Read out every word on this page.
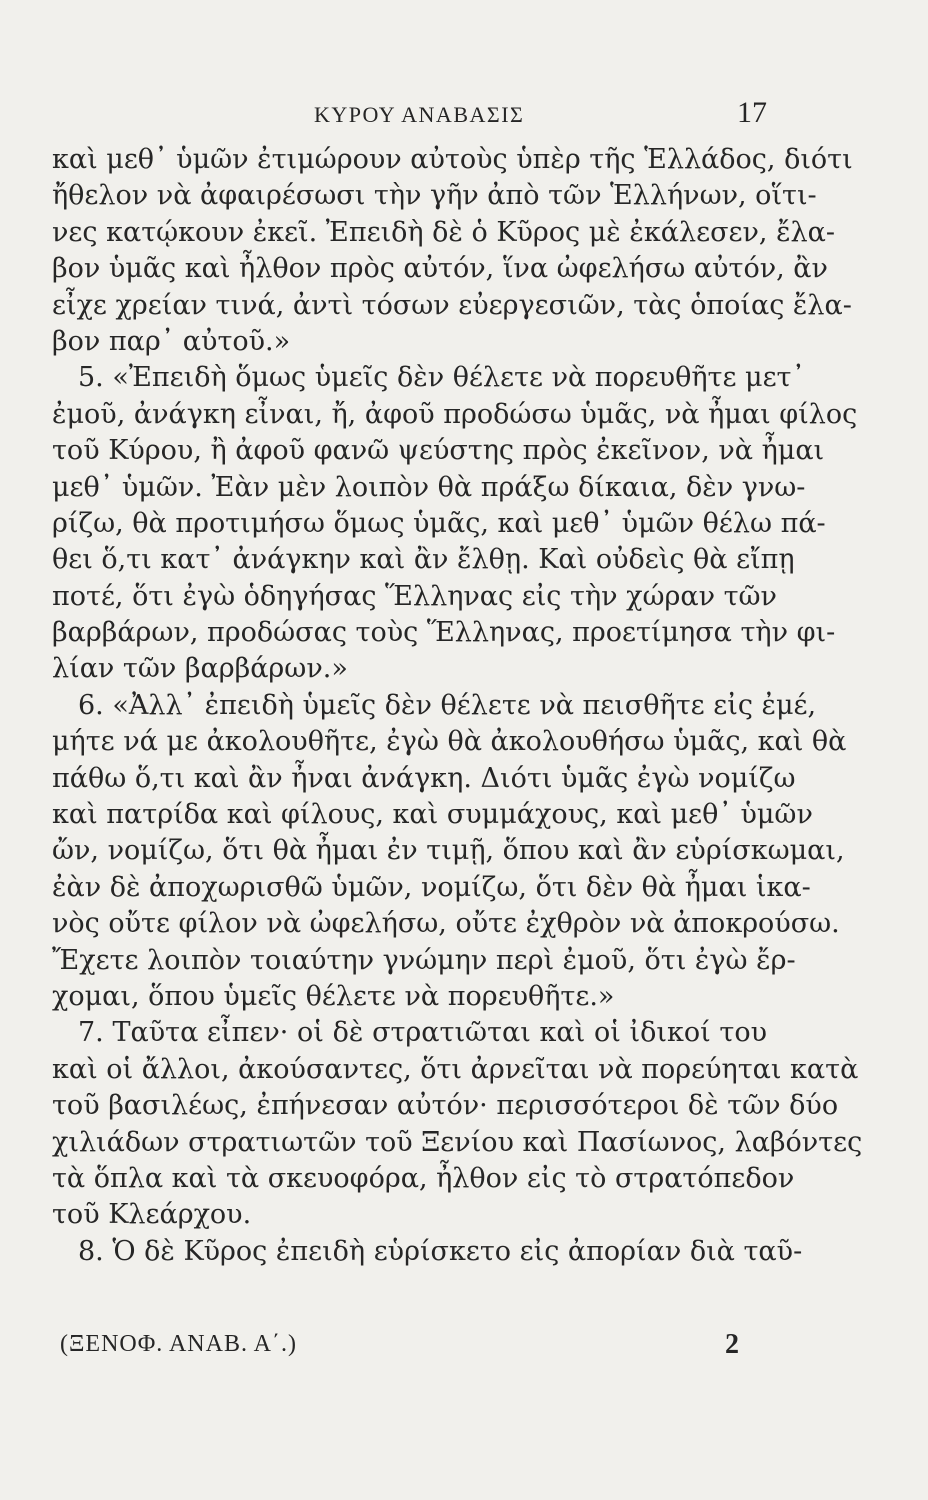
ΚΥΡΟΥ ΑΝΑΒΑΣΙΣ	17
καὶ μεθ᾿ ὑμῶν ἐτιμώρουν αὐτοὺς ὑπὲρ τῆς Ἑλλάδος, διότι
ἤθελον νὰ ἀφαιρέσωσι τὴν γῆν ἀπὸ τῶν Ἑλλήνων, οἵτι-
νες κατῴκουν ἐκεῖ. Ἐπειδὴ δὲ ὁ Κῦρος μὲ ἐκάλεσεν, ἔλα-
βον ὑμᾶς καὶ ἦλθον πρὸς αὐτόν, ἵνα ὠφελήσω αὐτόν, ἂν
εἶχε χρείαν τινά, ἀντὶ τόσων εὐεργεσιῶν, τὰς ὁποίας ἔλα-
βον παρ᾿ αὐτοῦ.»
5. «Ἐπειδὴ ὅμως ὑμεῖς δὲν θέλετε νὰ πορευθῆτε μετ᾿
ἐμοῦ, ἀνάγκη εἶναι, ἤ, ἀφοῦ προδώσω ὑμᾶς, νὰ ἦμαι φίλος
τοῦ Κύρου, ἢ ἀφοῦ φανῶ ψεύστης πρὸς ἐκεῖνον, νὰ ἦμαι
μεθ᾿ ὑμῶν. Ἐὰν μὲν λοιπὸν θὰ πράξω δίκαια, δὲν γνω-
ρίζω, θὰ προτιμήσω ὅμως ὑμᾶς, καὶ μεθ᾿ ὑμῶν θέλω πά-
θει ὅ,τι κατ᾿ ἀνάγκην καὶ ἂν ἔλθῃ. Καὶ οὐδεὶς θὰ εἴπῃ
ποτέ, ὅτι ἐγὼ ὁδηγήσας Ἕλληνας εἰς τὴν χώραν τῶν
βαρβάρων, προδώσας τοὺς Ἕλληνας, προετίμησα τὴν φι-
λίαν τῶν βαρβάρων.»
6. «Ἀλλ᾿ ἐπειδὴ ὑμεῖς δὲν θέλετε νὰ πεισθῆτε εἰς ἐμέ,
μήτε νά με ἀκολουθῆτε, ἐγὼ θὰ ἀκολουθήσω ὑμᾶς, καὶ θὰ
πάθω ὅ,τι καὶ ἂν ἦναι ἀνάγκη. Διότι ὑμᾶς ἐγὼ νομίζω
καὶ πατρίδα καὶ φίλους, καὶ συμμάχους, καὶ μεθ᾿ ὑμῶν
ὤν, νομίζω, ὅτι θὰ ἦμαι ἐν τιμῇ, ὅπου καὶ ἂν εὑρίσκωμαι,
ἐὰν δὲ ἀποχωρισθῶ ὑμῶν, νομίζω, ὅτι δὲν θὰ ἦμαι ἱκα-
νὸς οὔτε φίλον νὰ ὠφελήσω, οὔτε ἐχθρὸν νὰ ἀποκρούσω.
Ἔχετε λοιπὸν τοιαύτην γνώμην περὶ ἐμοῦ, ὅτι ἐγὼ ἔρ-
χομαι, ὅπου ὑμεῖς θέλετε νὰ πορευθῆτε.»
7. Ταῦτα εἶπεν· οἱ δὲ στρατιῶται καὶ οἱ ἰδικοί του
καὶ οἱ ἄλλοι, ἀκούσαντες, ὅτι ἀρνεῖται νὰ πορεύηται κατὰ
τοῦ βασιλέως, ἐπήνεσαν αὐτόν· περισσότεροι δὲ τῶν δύο
χιλιάδων στρατιωτῶν τοῦ Ξενίου καὶ Πασίωνος, λαβόντες
τὰ ὅπλα καὶ τὰ σκευοφόρα, ἦλθον εἰς τὸ στρατόπεδον
τοῦ Κλεάρχου.
8. Ὁ δὲ Κῦρος ἐπειδὴ εὑρίσκετο εἰς ἀπορίαν διὰ ταῦ-
(ΞΕΝΟΦ. ΑΝΑΒ. Α΄.)	2
